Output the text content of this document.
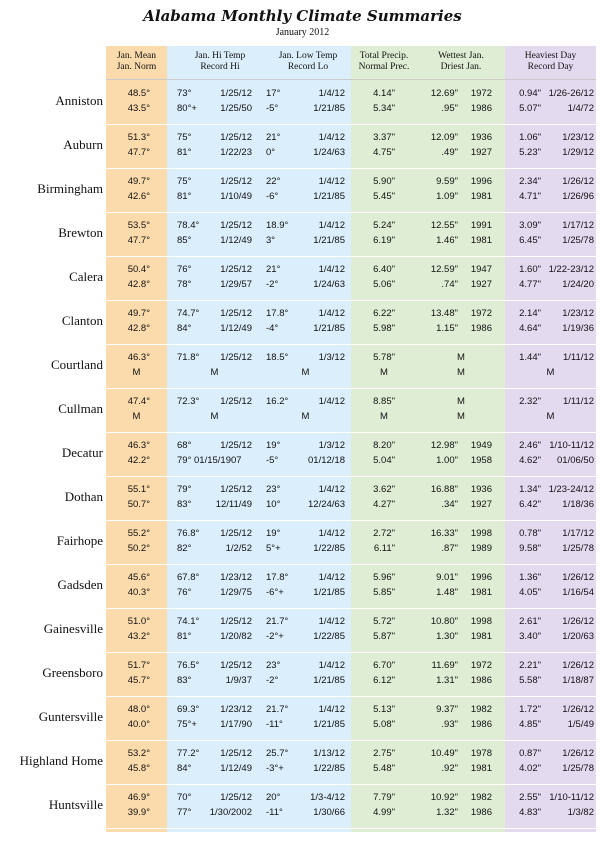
Alabama Monthly Climate Summaries
January 2012
Jan. Mean
Jan. Norm
Jan. Hi Temp
Record Hi
Jan. Low Temp
Record Lo
Total Precip.
Normal Prec.
Wettest Jan.
Driest Jan.
Heaviest Day
Record Day
Anniston	48.5°
43.5°
73°	1/25/12
80°+	1/25/50
17°	1/4/12
-5°	1/21/85
4.14"
5.34"
12.69"	1972
.95"	1986
0.94" 1/26-26/12
5.07"	1/4/72
Auburn	51.3°
47.7°
75°	1/25/12
81°	1/22/23
21°	1/4/12
0°	1/24/63
3.37"
4.75"
12.09"	1936
.49"	1927
1.06"	1/23/12
5.23"	1/29/12
Birmingham	49.7°
42.6°
75°	1/25/12
81°	1/10/49
22°	1/4/12
-6°	1/21/85
5.90"
5.45"
9.59"	1996
1.09"	1981
2.34"	1/26/12
4.71"	1/26/96
Brewton	53.5°
47.7°
78.4°	1/25/12
85°	1/12/49
18.9°	1/4/12
3°	1/21/85
5.24"
6.19"
12.55"	1991
1.46"	1981
3.09"	1/17/12
6.45"	1/25/78
Calera	50.4°
42.8°
76°	1/25/12
78°	1/29/57
21°	1/4/12
-2°	1/24/63
6.40"
5.06"
12.59"	1947
.74"	1927
1.60" 1/22-23/12
4.77"	1/24/20
Clanton	49.7°
42.8°
74.7°	1/25/12
84°	1/12/49
17.8°	1/4/12
-4°	1/21/85
6.22"
5.98"
13.48"	1972
1.15"	1986
2.14"	1/23/12
4.64"	1/19/36
Courtland	46.3°
M
71.8°	1/25/12
M
18.5°	1/3/12
M
5.78"
M
M
M
1.44"	1/11/12
M
Cullman	47.4°
M
72.3°	1/25/12
M
16.2°	1/4/12
M
8.85"
M
M
M
2.32"	1/11/12
M
Decatur	46.3°
42.2°
68°	1/25/12
79° 01/15/1907
19°	1/3/12
-5°	01/12/18
8.20"
5.04"
12.98"	1949
1.00"	1958
2.46" 1/10-11/12
4.62"	01/06/50
Dothan	55.1°
50.7°
79°	1/25/12
83°	12/11/49
23°	1/4/12
10°	12/24/63
3.62"
4.27"
16.88"	1936
.34"	1927
1.34" 1/23-24/12
6.42"	1/18/36
Fairhope	55.2°
50.2°
76.8°	1/25/12
82°	1/2/52
19°	1/4/12
5°+	1/22/85
2.72"
6.11"
16.33"	1998
.87"	1989
0.78"	1/17/12
9.58"	1/25/78
Gadsden	45.6°
40.3°
67.8°	1/23/12
76°	1/29/75
17.8°	1/4/12
-6°+	1/21/85
5.96"
5.85"
9.01"	1996
1.48"	1981
1.36"	1/26/12
4.05"	1/16/54
Gainesville	51.0°
43.2°
74.1°	1/25/12
81°	1/20/82
21.7°	1/4/12
-2°+	1/22/85
5.72"
5.87"
10.80"	1998
1.30"	1981
2.61"	1/26/12
3.40"	1/20/63
Greensboro	51.7°
45.7°
76.5°	1/25/12
83°	1/9/37
23°	1/4/12
-2°	1/21/85
6.70"
6.12"
11.69"	1972
1.31"	1986
2.21"	1/26/12
5.58"	1/18/87
Guntersville	48.0°
40.0°
69.3°	1/23/12
75°+	1/17/90
21.7°	1/4/12
-11°	1/21/85
5.13"
5.08"
9.37"	1982
.93"	1986
1.72"	1/26/12
4.85"	1/5/49
Highland Home	53.2°
45.8°
77.2°	1/25/12
84°	1/12/49
25.7°	1/13/12
-3°+	1/22/85
2.75"
5.48"
10.49"	1978
.92"	1981
0.87"	1/26/12
4.02"	1/25/78
Huntsville	46.9°
39.9°
70°	1/25/12
77°	1/30/2002
20°	1/3-4/12
-11°	1/30/66
7.79"
4.99"
10.92"	1982
1.32"	1986
2.55" 1/10-11/12
4.83"	1/3/82
